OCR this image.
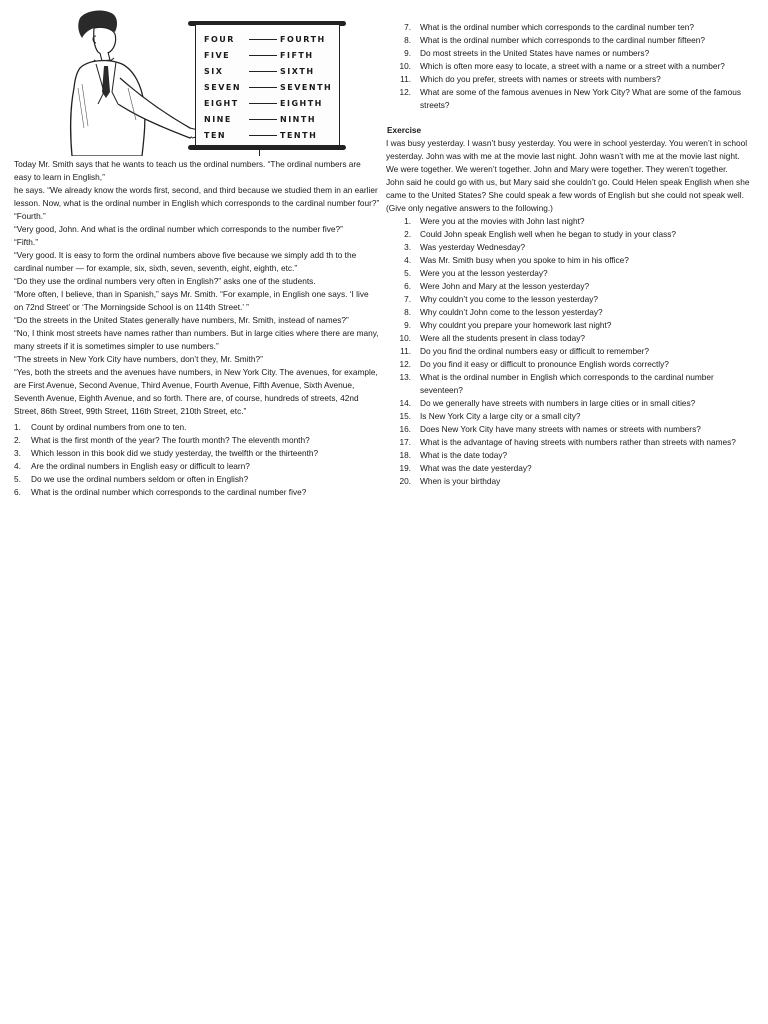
FOUR	FOURTH
FIVE	FIFTH
SIX	SIXTH
SEVEN	SEVENTH
EIGHT	EIGHTH
NINE	NINTH
TEN	TENTH

Today Mr. Smith says that he wants to teach us the ordinal numbers. “The ordinal numbers are easy to learn in English,”

he says. “We already know the words first, second, and third because we studied them in an earlier lesson. Now, what is the ordinal number in English which corresponds to the cardinal number four?”

“Fourth.”

“Very good, John. And what is the ordinal number which corresponds to the number five?”

“Fifth.”

“Very good. It is easy to form the ordinal numbers above five because we simply add th to the cardinal number — for example, six, sixth, seven, seventh, eight, eighth, etc.”

“Do they use the ordinal numbers very often in English?” asks one of the students.

“More often, I believe, than in Spanish,” says Mr. Smith. “For example, in English one says. ‘I live on 72nd Street’ or ‘The Morningside School is on 114th Street.’ ”

“Do the streets in the United States generally have numbers, Mr. Smith, instead of names?”

“No, I think most streets have names rather than numbers. But in large cities where there are many, many streets if it is sometimes simpler to use numbers.”

“The streets in New York City have numbers, don’t they, Mr. Smith?”

“Yes, both the streets and the avenues have numbers, in New York City. The avenues, for example, are First Avenue, Second Avenue, Third Avenue, Fourth Avenue, Fifth Avenue, Sixth Avenue, Seventh Avenue, Eighth Avenue, and so forth. There are, of course, hundreds of streets, 42nd Street, 86th Street, 99th Street, 116th Street, 210th Street, etc.”

1.	Count by ordinal numbers from one to ten.
2.	What is the first month of the year? The fourth month? The eleventh month?
3.	Which lesson in this book did we study yesterday, the twelfth or the thirteenth?
4.	Are the ordinal numbers in English easy or difficult to learn?
5.	Do we use the ordinal numbers seldom or often in English?
6.	What is the ordinal number which corresponds to the cardinal number five?
7. What is the ordinal number which corresponds to the cardinal number ten?
8. What is the ordinal number which corresponds to the cardinal number fifteen?
9. Do most streets in the United States have names or numbers?
10. Which is often more easy to locate, a street with a name or a street with a number?
11. Which do you prefer, streets with names or streets with numbers?
12. What are some of the famous avenues in New York City? What are some of the famous streets?
Exercise

I was busy yesterday. I wasn’t busy yesterday. You were in school yesterday. You weren’t in school yesterday. John was with me at the movie last night. John wasn’t with me at the movie last night. We were together. We weren’t together. John and Mary were together. They weren’t together.

John said he could go with us, but Mary said she couldn’t go. Could Helen speak English when she came to the United States? She could speak a few words of English but she could not speak well.

(Give only negative answers to the following.)

1. Were you at the movies with John last night?
2. Could John speak English well when he began to study in your class?
3. Was yesterday Wednesday?
4. Was Mr. Smith busy when you spoke to him in his office?
5. Were you at the lesson yesterday?
6. Were John and Mary at the lesson yesterday?
7. Why couldn’t you come to the lesson yesterday?
8. Why couldn’t John come to the lesson yesterday?
9. Why couldnt you prepare your homework last night?
10. Were all the students present in class today?
11. Do you find the ordinal numbers easy or difficult to remember?
12. Do you find it easy or difficult to pronounce English words correctly?
13. What is the ordinal number in English which corresponds to the cardinal number seventeen?
14. Do we generally have streets with numbers in large cities or in small cities?
15. Is New York City a large city or a small city?
16. Does New York City have many streets with names or streets with numbers?
17. What is the advantage of having streets with numbers rather than streets with names?
18. What is the date today?
19. What was the date yesterday?
20. When is your birthday
